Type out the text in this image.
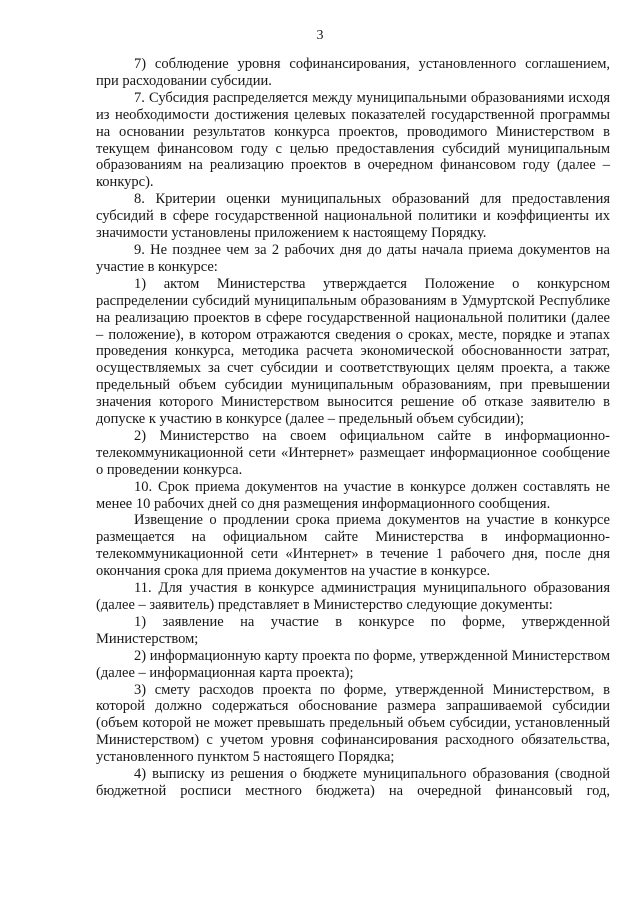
3

7) соблюдение уровня софинансирования, установленного соглашением, при расходовании субсидии.

7. Субсидия распределяется между муниципальными образованиями исходя из необходимости достижения целевых показателей государственной программы на основании результатов конкурса проектов, проводимого Министерством в текущем финансовом году с целью предоставления субсидий муниципальным образованиям на реализацию проектов в очередном финансовом году (далее – конкурс).

8. Критерии оценки муниципальных образований для предоставления субсидий в сфере государственной национальной политики и коэффициенты их значимости установлены приложением к настоящему Порядку.

9. Не позднее чем за 2 рабочих дня до даты начала приема документов на участие в конкурсе:

1) актом Министерства утверждается Положение о конкурсном распределении субсидий муниципальным образованиям в Удмуртской Республике на реализацию проектов в сфере государственной национальной политики (далее – положение), в котором отражаются сведения о сроках, месте, порядке и этапах проведения конкурса, методика расчета экономической обоснованности затрат, осуществляемых за счет субсидии и соответствующих целям проекта, а также предельный объем субсидии муниципальным образованиям, при превышении значения которого Министерством выносится решение об отказе заявителю в допуске к участию в конкурсе (далее – предельный объем субсидии);

2) Министерство на своем официальном сайте в информационно-телекоммуникационной сети «Интернет» размещает информационное сообщение о проведении конкурса.

10. Срок приема документов на участие в конкурсе должен составлять не менее 10 рабочих дней со дня размещения информационного сообщения.

Извещение о продлении срока приема документов на участие в конкурсе размещается на официальном сайте Министерства в информационно-телекоммуникационной сети «Интернет» в течение 1 рабочего дня, после дня окончания срока для приема документов на участие в конкурсе.

11. Для участия в конкурсе администрация муниципального образования (далее – заявитель) представляет в Министерство следующие документы:

1) заявление на участие в конкурсе по форме, утвержденной Министерством;

2) информационную карту проекта по форме, утвержденной Министерством (далее – информационная карта проекта);

3) смету расходов проекта по форме, утвержденной Министерством, в которой должно содержаться обоснование размера запрашиваемой субсидии (объем которой не может превышать предельный объем субсидии, установленный Министерством) с учетом уровня софинансирования расходного обязательства, установленного пунктом 5 настоящего Порядка;

4) выписку из решения о бюджете муниципального образования (сводной бюджетной росписи местного бюджета) на очередной финансовый год,
